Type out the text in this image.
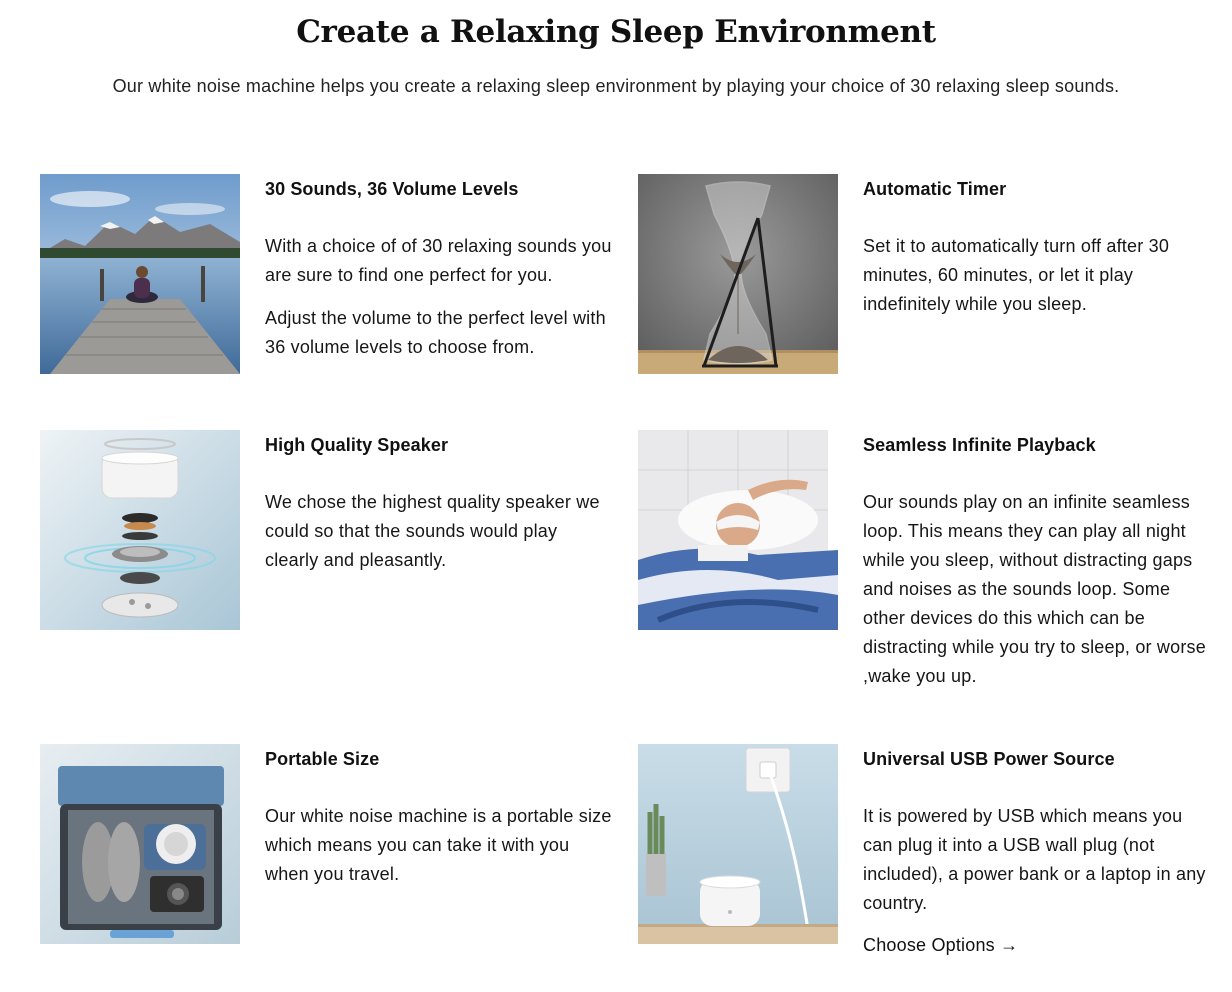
Create a Relaxing Sleep Environment

Our white noise machine helps you create a relaxing sleep environment by playing your choice of 30 relaxing sleep sounds.

30 Sounds, 36 Volume Levels

With a choice of of 30 relaxing sounds you are sure to find one perfect for you.

Adjust the volume to the perfect level with 36 volume levels to choose from.

Automatic Timer

Set it to automatically turn off after 30 minutes, 60 minutes, or let it play indefinitely while you sleep.

High Quality Speaker

We chose the highest quality speaker we could so that the sounds would play clearly and pleasantly.

Seamless Infinite Playback

Our sounds play on an infinite seamless loop. This means they can play all night while you sleep, without distracting gaps and noises as the sounds loop. Some other devices do this which can be distracting while you try to sleep, or worse ,wake you up.

Portable Size

Our white noise machine is a portable size which means you can take it with you when you travel.

Universal USB Power Source

It is powered by USB which means you can plug it into a USB wall plug (not included), a power bank or a laptop in any country.

Choose Options →
